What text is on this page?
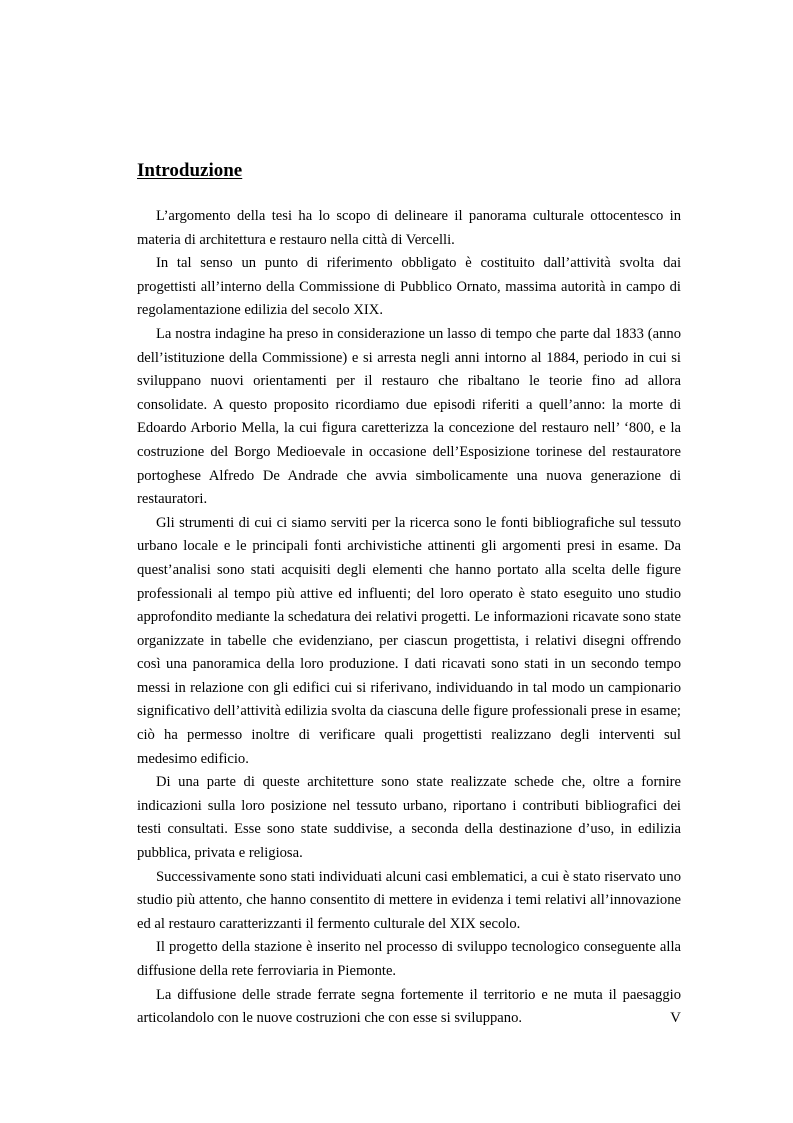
Introduzione

L’argomento della tesi ha lo scopo di delineare il panorama culturale ottocentesco in materia di architettura e restauro nella città di Vercelli.

In tal senso un punto di riferimento obbligato è costituito dall’attività svolta dai progettisti all’interno della Commissione di Pubblico Ornato, massima autorità in campo di regolamentazione edilizia del secolo XIX.

La nostra indagine ha preso in considerazione un lasso di tempo che parte dal 1833 (anno dell’istituzione della Commissione) e si arresta negli anni intorno al 1884, periodo in cui si sviluppano nuovi orientamenti per il restauro che ribaltano le teorie fino ad allora consolidate. A questo proposito ricordiamo due episodi riferiti a quell’anno: la morte di Edoardo Arborio Mella, la cui figura caretterizza la concezione del restauro nell’ ‘800, e la costruzione del Borgo Medioevale in occasione dell’Esposizione torinese del restauratore portoghese Alfredo De Andrade che avvia simbolicamente una nuova generazione di restauratori.

Gli strumenti di cui ci siamo serviti per la ricerca sono le fonti bibliografiche sul tessuto urbano locale e le principali fonti archivistiche attinenti gli argomenti presi in esame. Da quest’analisi sono stati acquisiti degli elementi che hanno portato alla scelta delle figure professionali al tempo più attive ed influenti; del loro operato è stato eseguito uno studio approfondito mediante la schedatura dei relativi progetti. Le informazioni ricavate sono state organizzate in tabelle che evidenziano, per ciascun progettista, i relativi disegni offrendo così una panoramica della loro produzione. I dati ricavati sono stati in un secondo tempo messi in relazione con gli edifici cui si riferivano, individuando in tal modo un campionario significativo dell’attività edilizia svolta da ciascuna delle figure professionali prese in esame; ciò ha permesso inoltre di verificare quali progettisti realizzano degli interventi sul medesimo edificio.

Di una parte di queste architetture sono state realizzate schede che, oltre a fornire indicazioni sulla loro posizione nel tessuto urbano, riportano i contributi bibliografici dei testi consultati. Esse sono state suddivise, a seconda della destinazione d’uso, in edilizia pubblica, privata e religiosa.

Successivamente sono stati individuati alcuni casi emblematici, a cui è stato riservato uno studio più attento, che hanno consentito di mettere in evidenza i temi relativi all’innovazione ed al restauro caratterizzanti il fermento culturale del XIX secolo.

Il progetto della stazione è inserito nel processo di sviluppo tecnologico conseguente alla diffusione della rete ferroviaria in Piemonte.

La diffusione delle strade ferrate segna fortemente il territorio e ne muta il paesaggio articolandolo con le nuove costruzioni che con esse si sviluppano.	V
